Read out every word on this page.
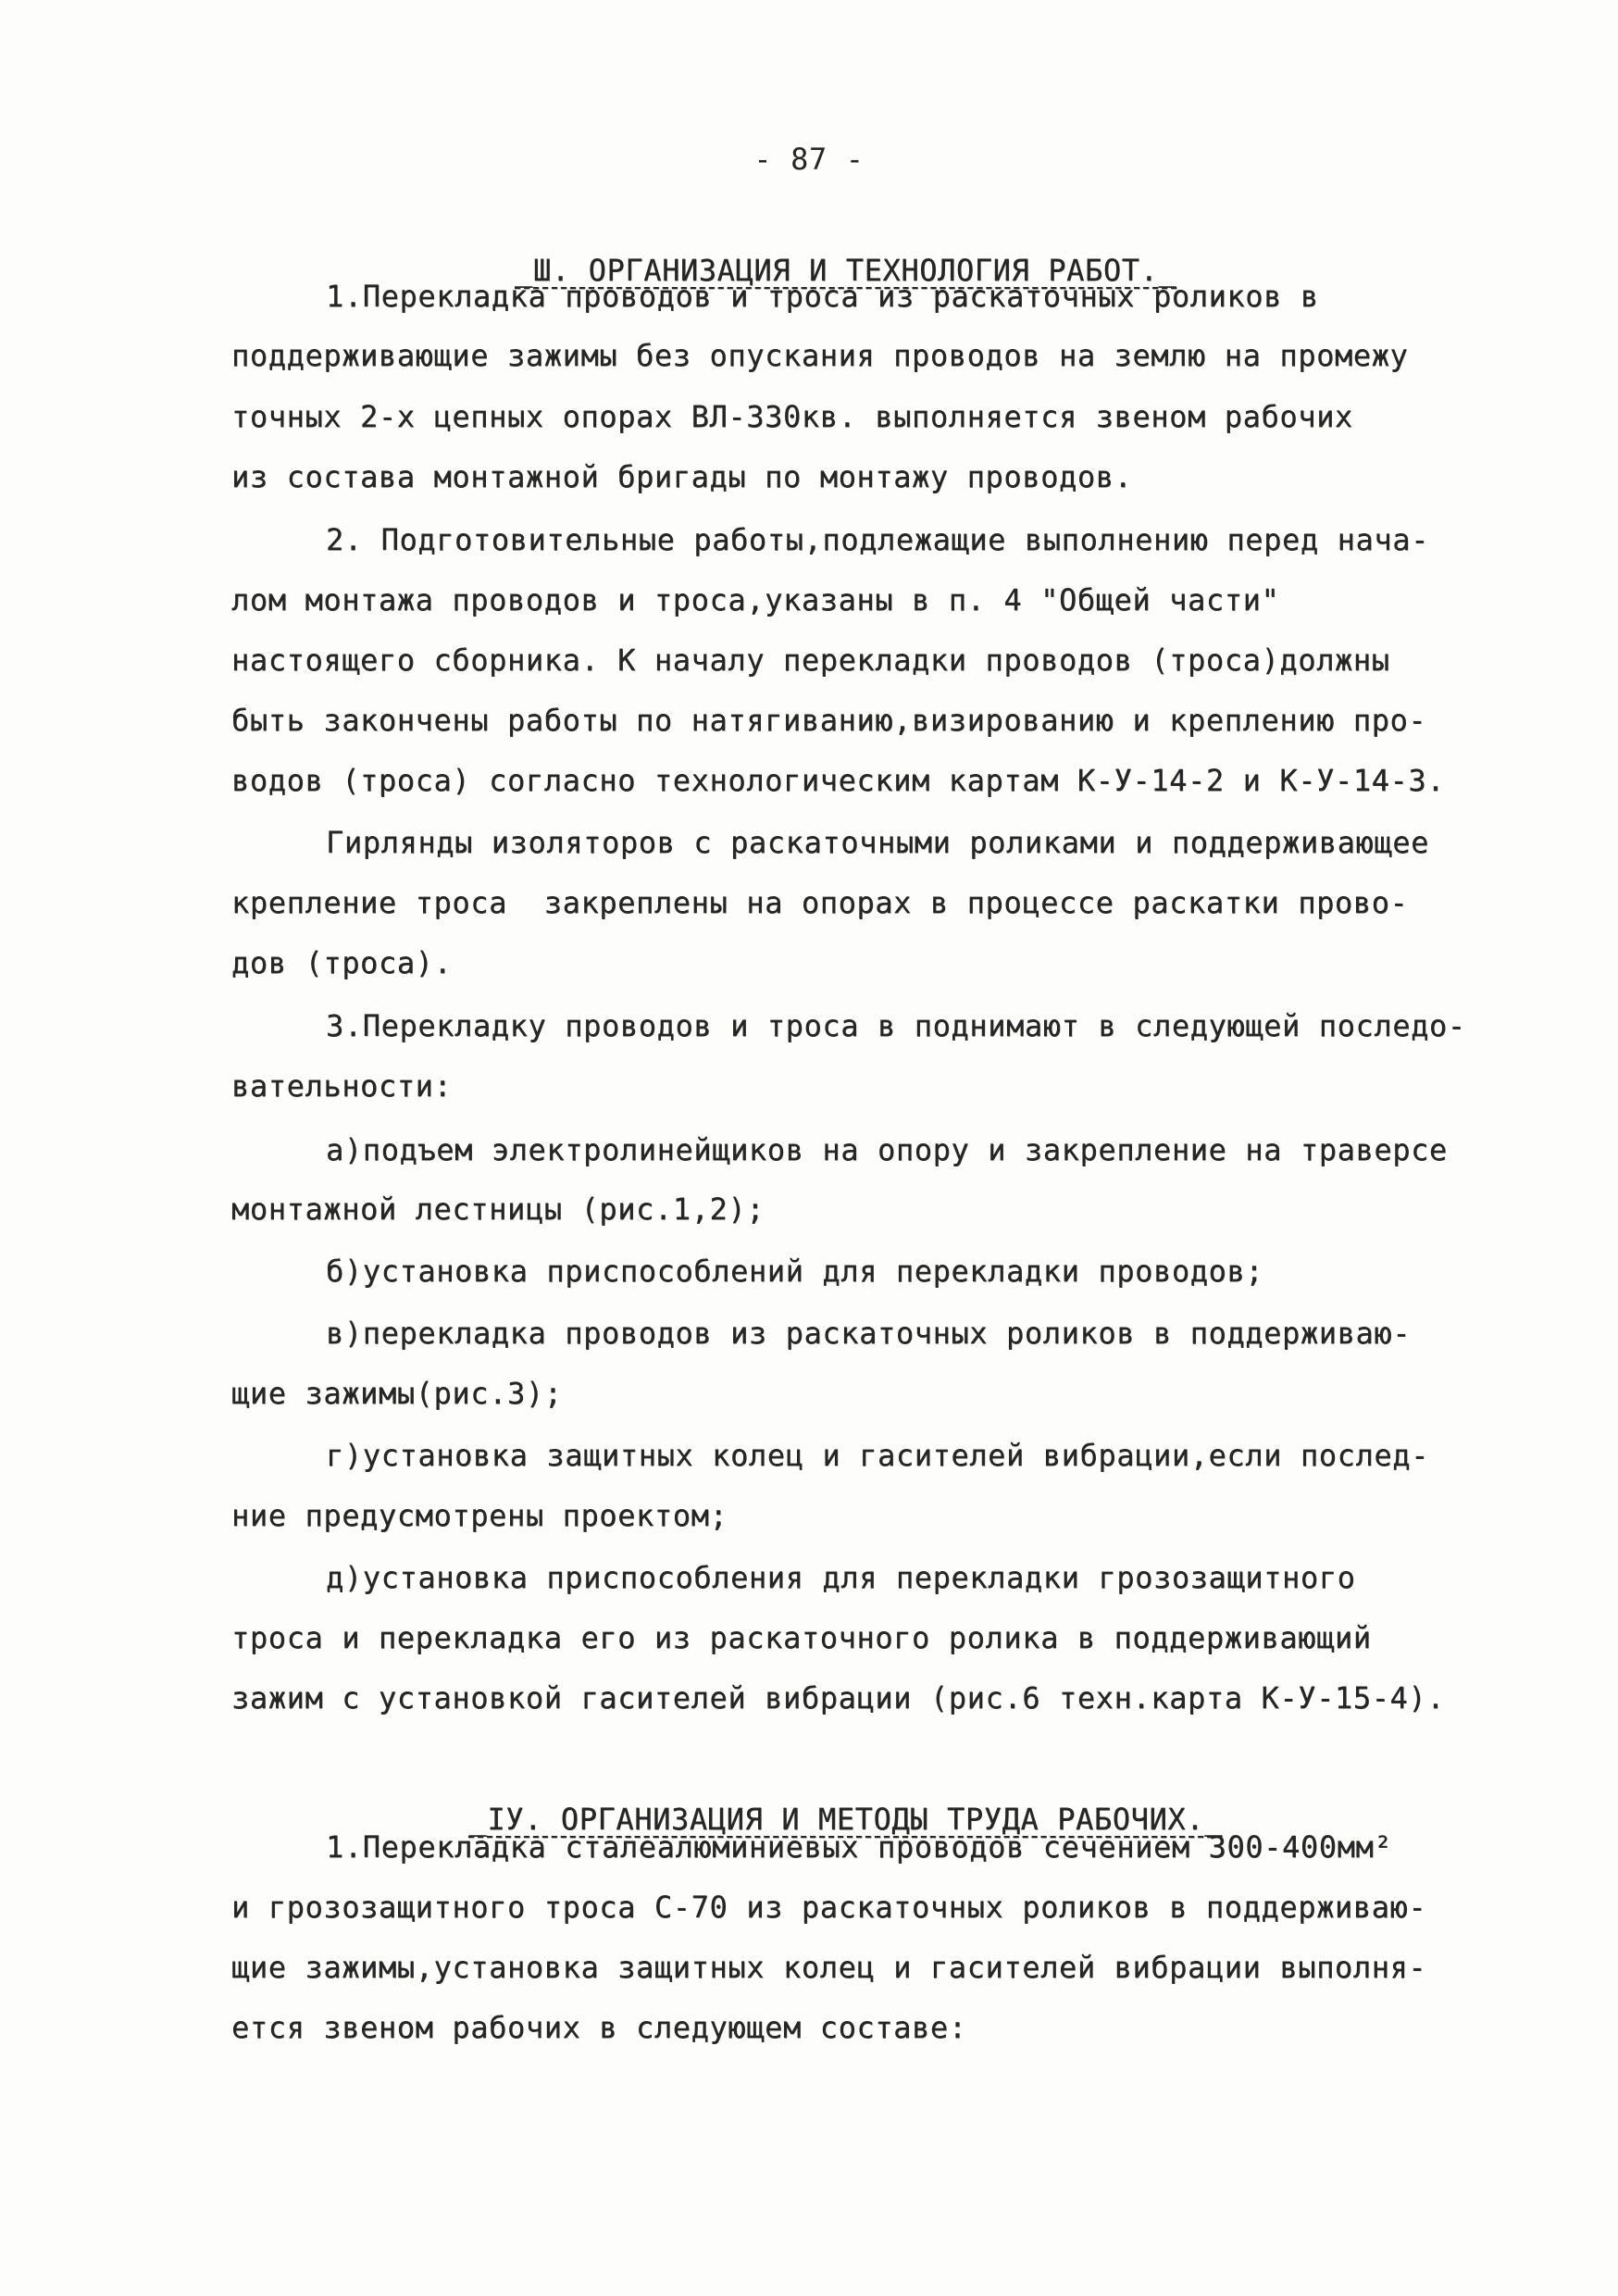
- 87 -

_Ш. ОРГАНИЗАЦИЯ И ТЕХНОЛОГИЯ РАБОТ._

1.Перекладка проводов и троса из раскаточных роликов в
поддерживающие зажимы без опускания проводов на землю на промежу
точных 2-х цепных опорах ВЛ-330кв. выполняется звеном рабочих
из состава монтажной бригады по монтажу проводов.
2. Подготовительные работы,подлежащие выполнению перед нача-
лом монтажа проводов и троса,указаны в п. 4 "Общей части"
настоящего сборника. К началу перекладки проводов (троса)должны
быть закончены работы по натягиванию,визированию и креплению про-
водов (троса) согласно технологическим картам К-У-14-2 и К-У-14-3.
Гирлянды изоляторов с раскаточными роликами и поддерживающее
крепление троса  закреплены на опорах в процессе раскатки прово-
дов (троса).
3.Перекладку проводов и троса в поднимают в следующей последо-
вательности:
а)подъем электролинейщиков на опору и закрепление на траверсе
монтажной лестницы (рис.1,2);
б)установка приспособлений для перекладки проводов;
в)перекладка проводов из раскаточных роликов в поддерживаю-
щие зажимы(рис.3);
г)установка защитных колец и гасителей вибрации,если послед-
ние предусмотрены проектом;
д)установка приспособления для перекладки грозозащитного
троса и перекладка его из раскаточного ролика в поддерживающий
зажим с установкой гасителей вибрации (рис.6 техн.карта К-У-15-4).

_IУ. ОРГАНИЗАЦИЯ И МЕТОДЫ ТРУДА РАБОЧИХ._

1.Перекладка сталеалюминиевых проводов сечением 300-400мм²
и грозозащитного троса С-70 из раскаточных роликов в поддерживаю-
щие зажимы,установка защитных колец и гасителей вибрации выполня-
ется звеном рабочих в следующем составе:
